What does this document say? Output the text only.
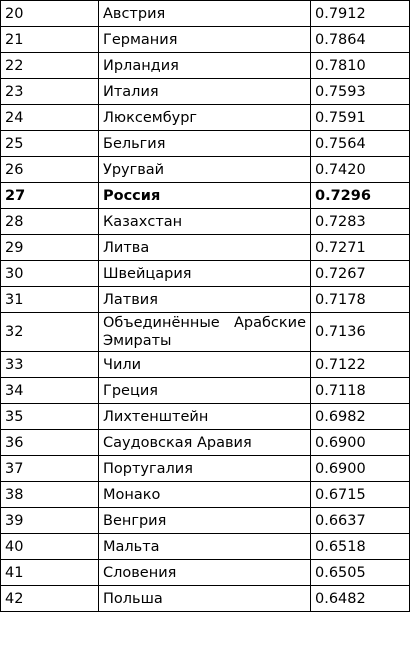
20	Австрия	0.7912
21	Германия	0.7864
22	Ирландия	0.7810
23	Италия	0.7593
24	Люксембург	0.7591
25	Бельгия	0.7564
26	Уругвай	0.7420
27	Россия	0.7296
28	Казахстан	0.7283
29	Литва	0.7271
30	Швейцария	0.7267
31	Латвия	0.7178
32	Объединённые Арабские Эмираты	0.7136
33	Чили	0.7122
34	Греция	0.7118
35	Лихтенштейн	0.6982
36	Саудовская Аравия	0.6900
37	Португалия	0.6900
38	Монако	0.6715
39	Венгрия	0.6637
40	Мальта	0.6518
41	Словения	0.6505
42	Польша	0.6482
